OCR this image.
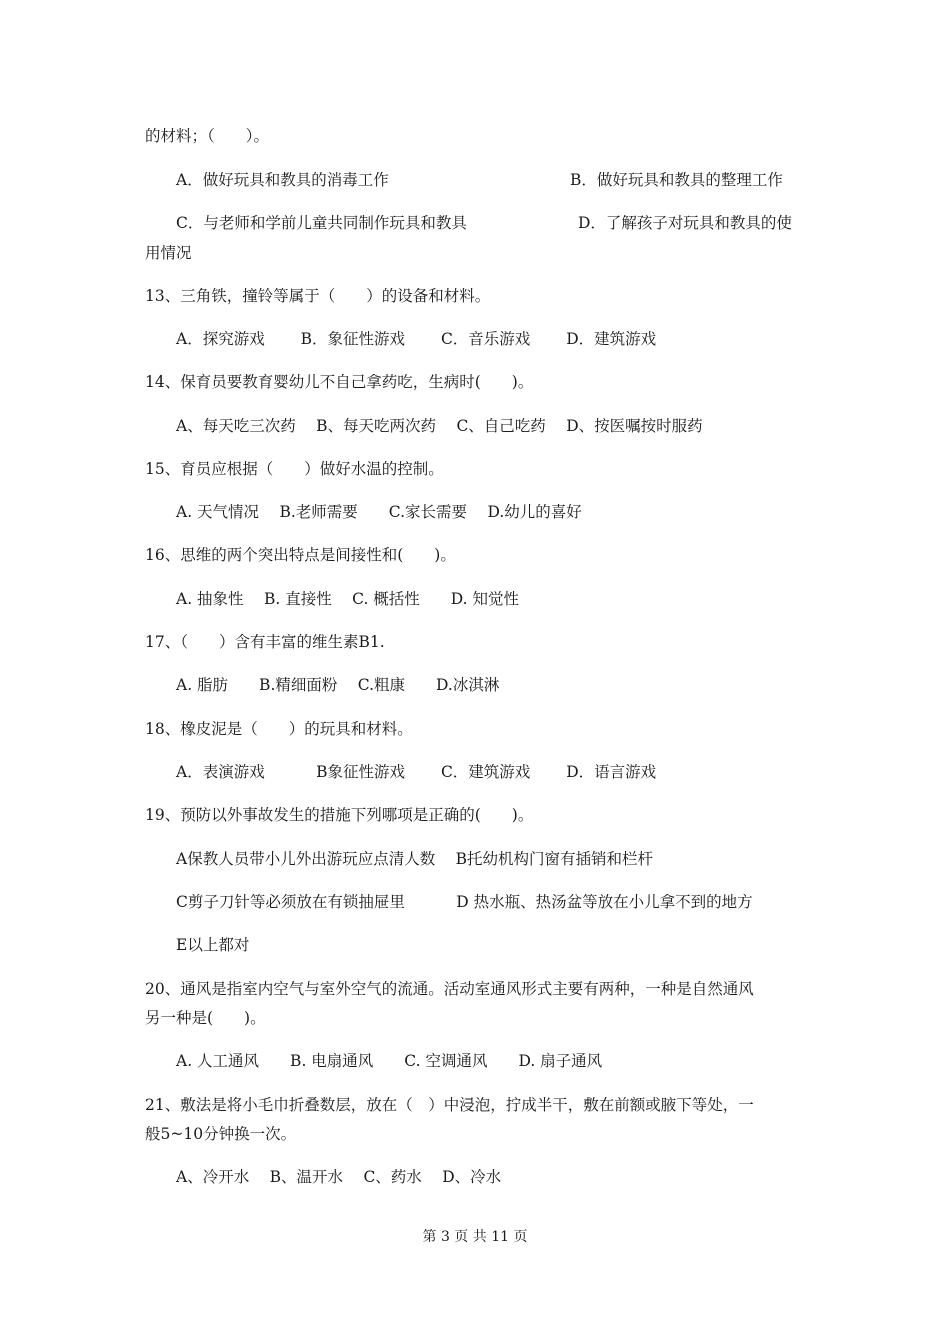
的材料；（　　）。
A．做好玩具和教具的消毒工作	B．做好玩具和教具的整理工作
C．与老师和学前儿童共同制作玩具和教具	D．了解孩子对玩具和教具的使
用情况
13、三角铁，撞铃等属于（　　）的设备和材料。
A．探究游戏　　 B．象征性游戏　　 C．音乐游戏　　 D．建筑游戏
14、保育员要教育婴幼儿不自己拿药吃，生病时(　　)。
A、每天吃三次药　 B、每天吃两次药　 C、自己吃药　 D、按医嘱按时服药
15、育员应根据（　　）做好水温的控制。
A. 天气情况　 B.老师需要　　C.家长需要　 D.幼儿的喜好
16、思维的两个突出特点是间接性和(　　)。
A. 抽象性　 B. 直接性　 C. 概括性　　D. 知觉性
17、（　　）含有丰富的维生素B1.
A. 脂肪　　B.精细面粉　 C.粗康　　D.冰淇淋
18、橡皮泥是（　　）的玩具和材料。
A．表演游戏　　　 B象征性游戏　　 C．建筑游戏　　 D．语言游戏
19、预防以外事故发生的措施下列哪项是正确的(　　)。
A保教人员带小儿外出游玩应点清人数　 B托幼机构门窗有插销和栏杆
C剪子刀针等必须放在有锁抽屉里　　　 D 热水瓶、热汤盆等放在小儿拿不到的地方
E以上都对
20、通风是指室内空气与室外空气的流通。活动室通风形式主要有两种，一种是自然通风
另一种是(　　)。
A. 人工通风　　B. 电扇通风　　C. 空调通风　　D. 扇子通风
21、敷法是将小毛巾折叠数层，放在（　）中浸泡，拧成半干，敷在前额或腋下等处，一
般5~10分钟换一次。
A、冷开水　 B、温开水　 C、药水　 D、冷水
第 3 页 共 11 页
